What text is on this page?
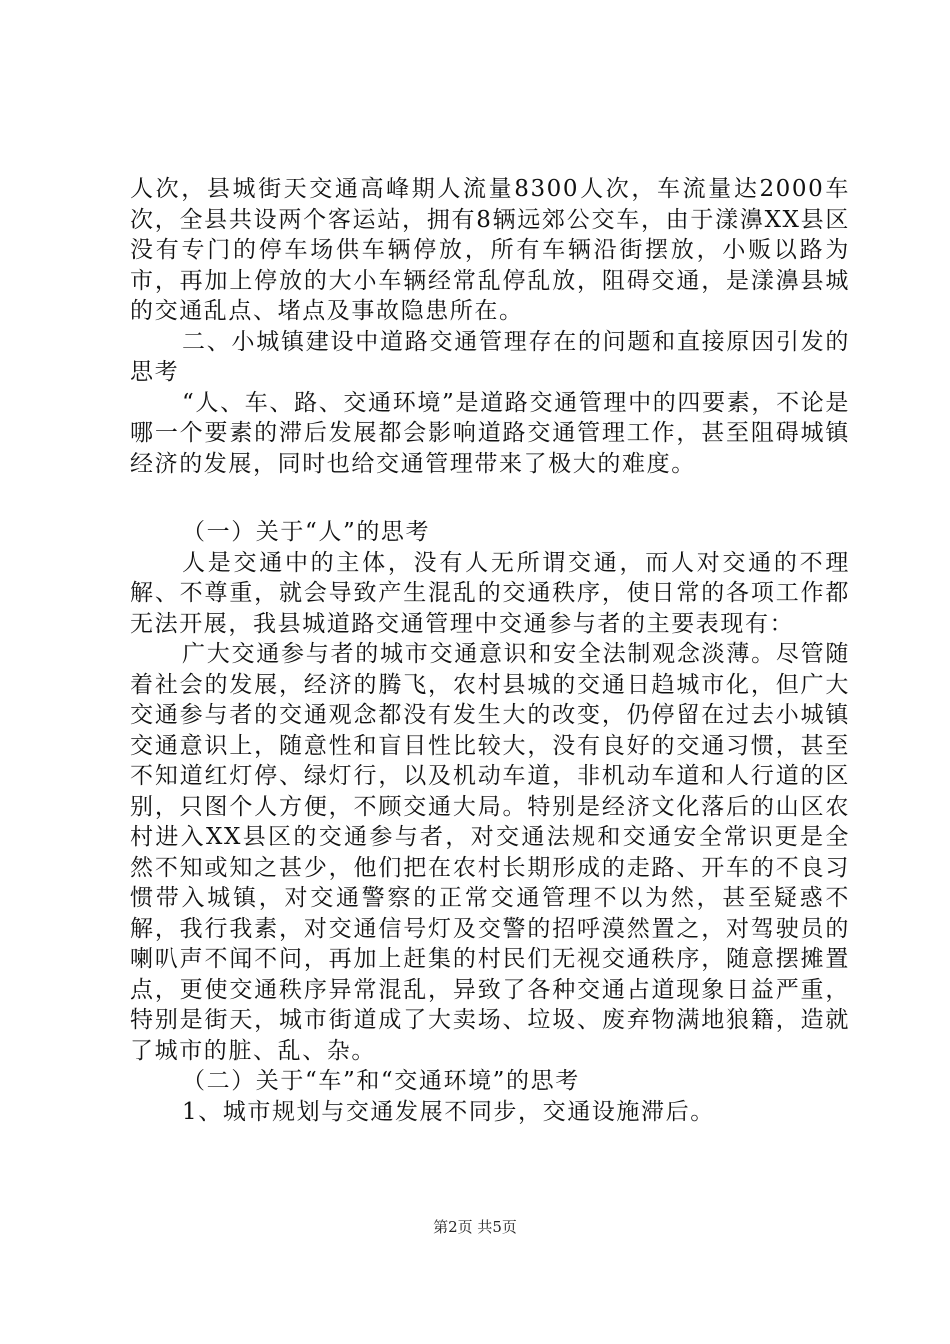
人次，县城街天交通高峰期人流量8300人次，车流量达2000车次，全县共设两个客运站，拥有8辆远郊公交车，由于漾濞XX县区没有专门的停车场供车辆停放，所有车辆沿街摆放，小贩以路为市，再加上停放的大小车辆经常乱停乱放，阻碍交通，是漾濞县城的交通乱点、堵点及事故隐患所在。

二、小城镇建设中道路交通管理存在的问题和直接原因引发的思考

“人、车、路、交通环境”是道路交通管理中的四要素，不论是哪一个要素的滞后发展都会影响道路交通管理工作，甚至阻碍城镇经济的发展，同时也给交通管理带来了极大的难度。

（一）关于“人”的思考

人是交通中的主体，没有人无所谓交通，而人对交通的不理解、不尊重，就会导致产生混乱的交通秩序，使日常的各项工作都无法开展，我县城道路交通管理中交通参与者的主要表现有：

广大交通参与者的城市交通意识和安全法制观念淡薄。尽管随着社会的发展，经济的腾飞，农村县城的交通日趋城市化，但广大交通参与者的交通观念都没有发生大的改变，仍停留在过去小城镇交通意识上，随意性和盲目性比较大，没有良好的交通习惯，甚至不知道红灯停、绿灯行，以及机动车道，非机动车道和人行道的区别，只图个人方便，不顾交通大局。特别是经济文化落后的山区农村进入XX县区的交通参与者，对交通法规和交通安全常识更是全然不知或知之甚少，他们把在农村长期形成的走路、开车的不良习惯带入城镇，对交通警察的正常交通管理不以为然，甚至疑惑不解，我行我素，对交通信号灯及交警的招呼漠然置之，对驾驶员的喇叭声不闻不问，再加上赶集的村民们无视交通秩序，随意摆摊置点，更使交通秩序异常混乱，异致了各种交通占道现象日益严重，特别是街天，城市街道成了大卖场、垃圾、废弃物满地狼籍，造就了城市的脏、乱、杂。

（二）关于“车”和“交通环境”的思考

1、城市规划与交通发展不同步，交通设施滞后。

第2页 共5页
